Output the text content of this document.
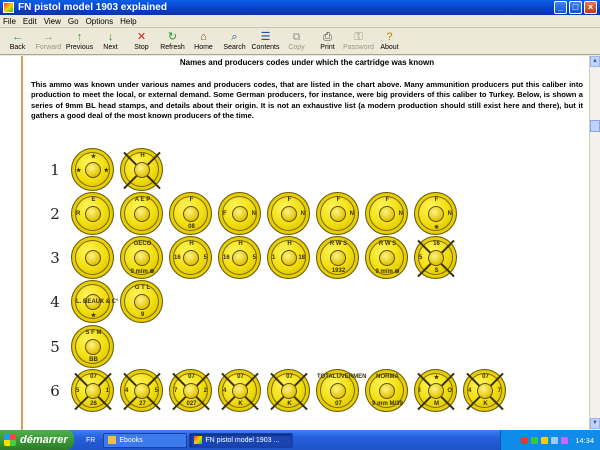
FN pistol model 1903 explained	_	□	×
File Edit View Go Options Help
←
Back
→
Forward
↑
Previous
↓
Next
✕
Stop
↻
Refresh
⌂
Home
⌕
Search
☰
Contents
⧉
Copy
⎙
Print
⚿
Password
?
About
Names and producers codes under which the cartridge was known
This ammo was known under various names and producers codes, that are listed in the chart above. Many ammunition producers put this caliber into production to meet the local, or external demand. Some German producers, for instance, were big providers of this caliber to Turkey. Below, is shown a series of 9mm BL head stamps, and details about their origin. It is not an exhaustive list (a modern production should still exist here and there), but it gathers a good deal of the most known producers of the time.
1
★
★	★
H
2
E
R
A E P	F
08
F	N
F
N
F
N
F
N
F
✳
N
3
GECO
9 m/m ⊕
H
16	5
H
16	5
H
1	18
R W S
1932
R W S
9 m/m ⊕
16
S
5
4
★
L. BEAUX & C°
G T L
9
5
S F M
BB
6
07
26
5	1
27
4	5
07
027
7	2
07
K
4
07
K
TOTALUVERMEN
07
NORMA
9 mm M/39
★
M
I	O
07
K
4	7
▲
▼
démarrer	FR	Ebooks	FN pistol model 1903 ...	14:34
